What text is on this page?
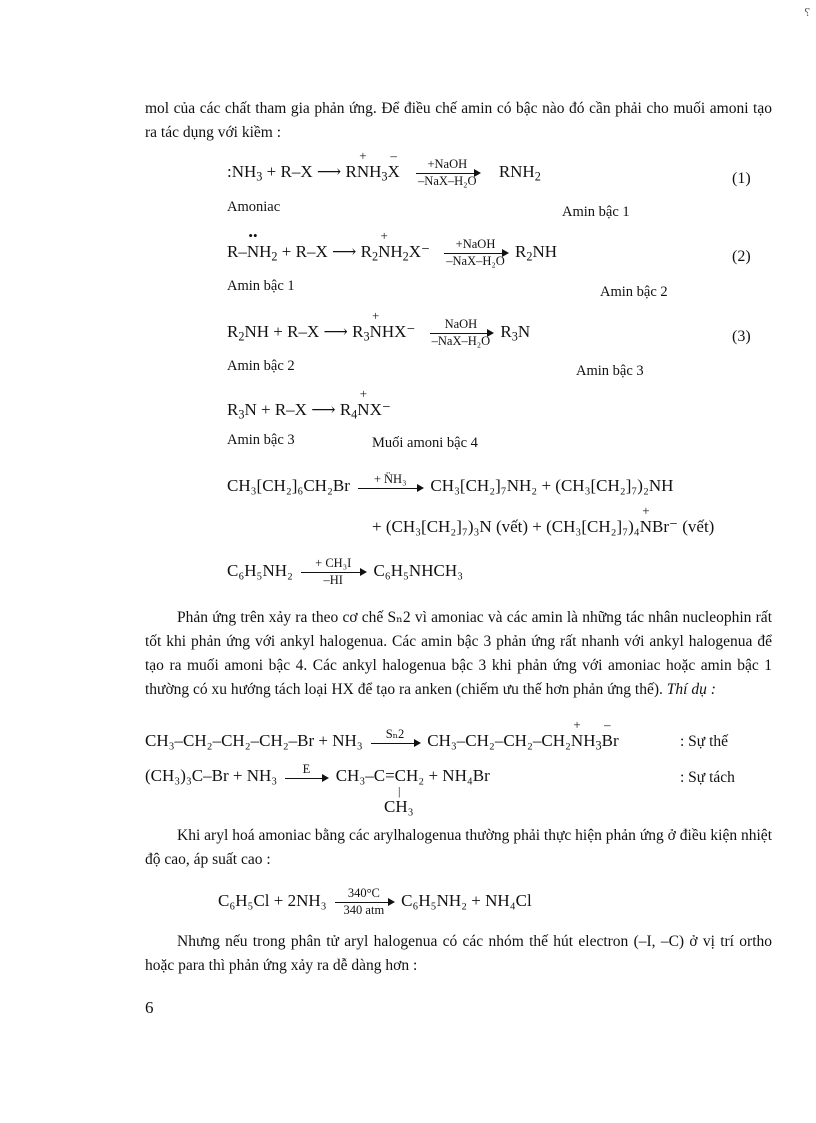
⸮
mol của các chất tham gia phản ứng. Để điều chế amin có bậc nào đó cần phải cho muối amoni tạo ra tác dụng với kiềm :
$:NH_3 + R-X$ ⟶ R
+
$NH_3$
–
X	+NaOH
–NaX–H₂O
$RNH_2$	(1)
Amoniac	Amin bậc 1
R–
••
$NH_2 + R-X$ ⟶ $R_2$
+
$NH_2X^-$	+NaOH
–NaX–H₂O
$R_2NH$	(2)
Amin bậc 1	Amin bậc 2
$R_2NH + R-X$ ⟶ $R_3$
+
NHX⁻	NaOH
–NaX–H₂O
$R_3N$	(3)
Amin bậc 2	Amin bậc 3
$R_3N + R-X$ ⟶ $R_4$
+
NX⁻
Amin bậc 3	Muối amoni bậc 4
CH₃[CH₂]₆CH₂Br	+ N̈H₃	CH₃[CH₂]₇NH₂ + (CH₃[CH₂]₇)₂NH
+ (CH₃[CH₂]₇)₃N (vết) + (CH₃[CH₂]₇)₄
+
NBr⁻ (vết)
$C_6H_5NH_2 \frac{\text{+ CH₃I}}{-HI}$ C₆H₅NHCH₃
Phản ứng trên xảy ra theo cơ chế Sₙ2 vì amoniac và các amin là những tác nhân nucleophin rất tốt khi phản ứng với ankyl halogenua. Các amin bậc 3 phản ứng rất nhanh với ankyl halogenua để tạo ra muối amoni bậc 4. Các ankyl halogenua bậc 3 khi phản ứng với amoniac hoặc amin bậc 1 thường có xu hướng tách loại HX để tạo ra anken (chiếm ưu thế hơn phản ứng thế). Thí dụ :
CH₃–CH₂–CH₂–CH₂–Br + NH₃	Sₙ2	CH₃–CH₂–CH₂–CH₂
+
$NH_3$
–
Br	: Sự thế
(CH₃)₃C–Br + NH₃	E	CH₃–C=CH₂ + NH₄Br
|
CH₃
: Sự tách
Khi aryl hoá amoniac bằng các arylhalogenua thường phải thực hiện phản ứng ở điều kiện nhiệt độ cao, áp suất cao :
C₆H₅Cl + 2NH₃	340°C
340 atm
C₆H₅NH₂ + NH₄Cl
Nhưng nếu trong phân tử aryl halogenua có các nhóm thế hút electron (–I, –C) ở vị trí ortho hoặc para thì phản ứng xảy ra dễ dàng hơn :
6
